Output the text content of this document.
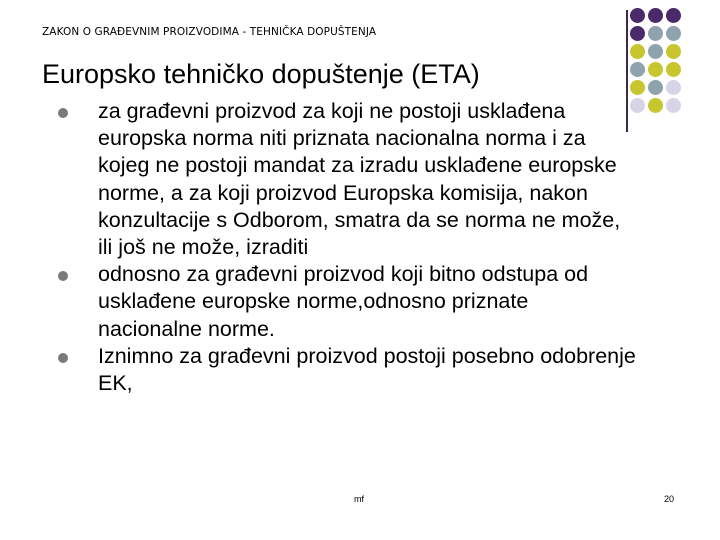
ZAKON O GRAĐEVNIM PROIZVODIMA - TEHNIČKA DOPUŠTENJA
Europsko tehničko dopuštenje (ETA)
za građevni proizvod za koji ne postoji usklađena europska norma niti priznata nacionalna norma i za kojeg ne postoji mandat za izradu usklađene europske norme, a za koji proizvod Europska komisija, nakon konzultacije s Odborom, smatra da se norma ne može, ili još ne može, izraditi
odnosno za građevni proizvod koji bitno odstupa od usklađene europske norme,odnosno priznate nacionalne norme.
Iznimno za građevni proizvod postoji posebno odobrenje EK,
mf	20
